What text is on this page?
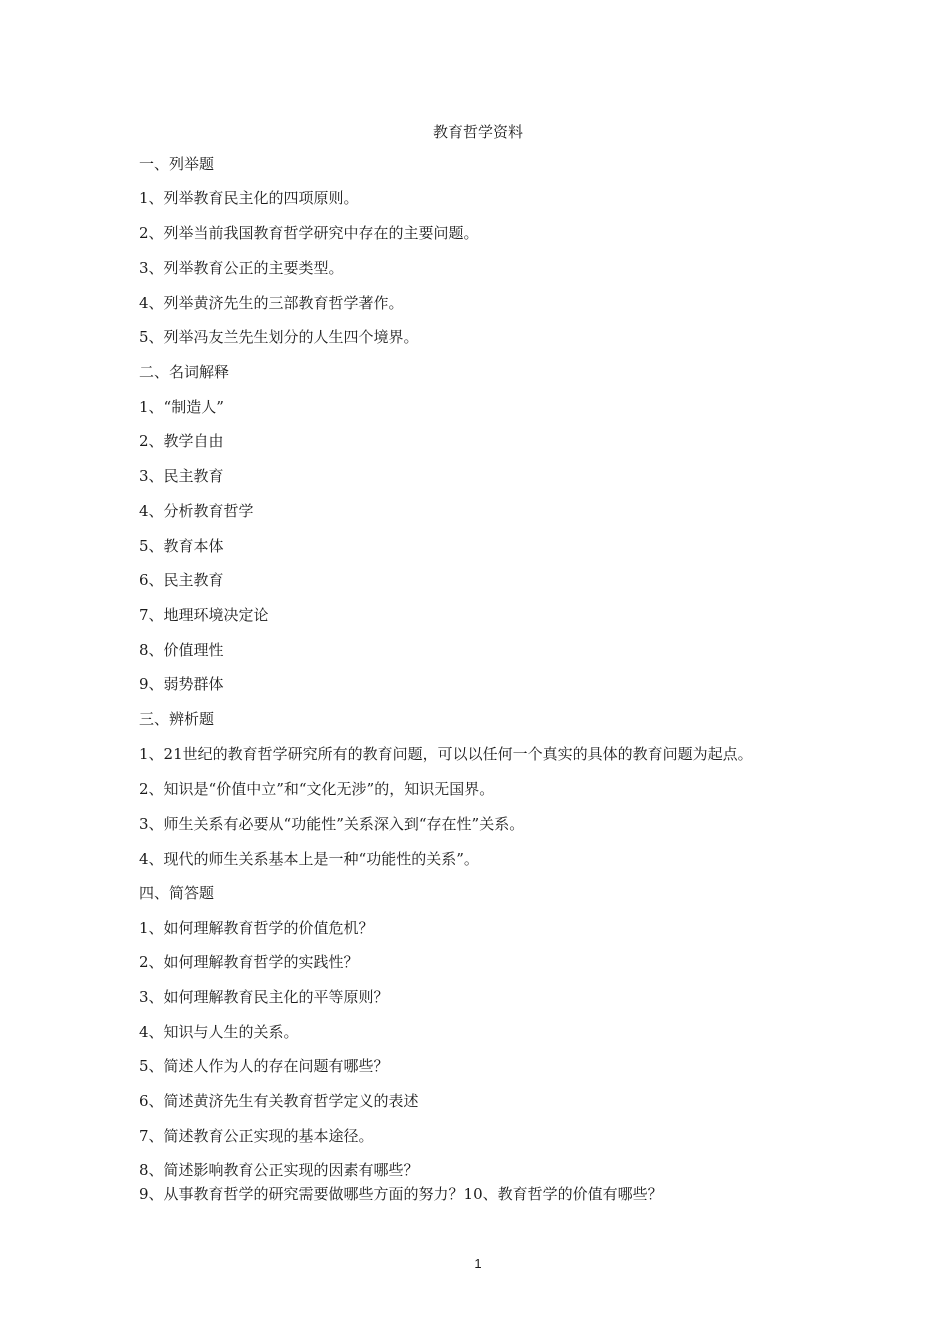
教育哲学资料
一、列举题
1、列举教育民主化的四项原则。
2、列举当前我国教育哲学研究中存在的主要问题。
3、列举教育公正的主要类型。
4、列举黄济先生的三部教育哲学著作。
5、列举冯友兰先生划分的人生四个境界。
二、名词解释
1、“制造人”
2、教学自由
3、民主教育
4、分析教育哲学
5、教育本体
6、民主教育
7、地理环境决定论
8、价值理性
9、弱势群体
三、辨析题
1、21世纪的教育哲学研究所有的教育问题，可以以任何一个真实的具体的教育问题为起点。
2、知识是“价值中立”和“文化无涉”的，知识无国界。
3、师生关系有必要从“功能性”关系深入到“存在性”关系。
4、现代的师生关系基本上是一种“功能性的关系”。
四、简答题
1、如何理解教育哲学的价值危机？
2、如何理解教育哲学的实践性？
3、如何理解教育民主化的平等原则？
4、知识与人生的关系。
5、简述人作为人的存在问题有哪些？
6、简述黄济先生有关教育哲学定义的表述
7、简述教育公正实现的基本途径。
8、简述影响教育公正实现的因素有哪些？
9、从事教育哲学的研究需要做哪些方面的努力？10、教育哲学的价值有哪些？
1
